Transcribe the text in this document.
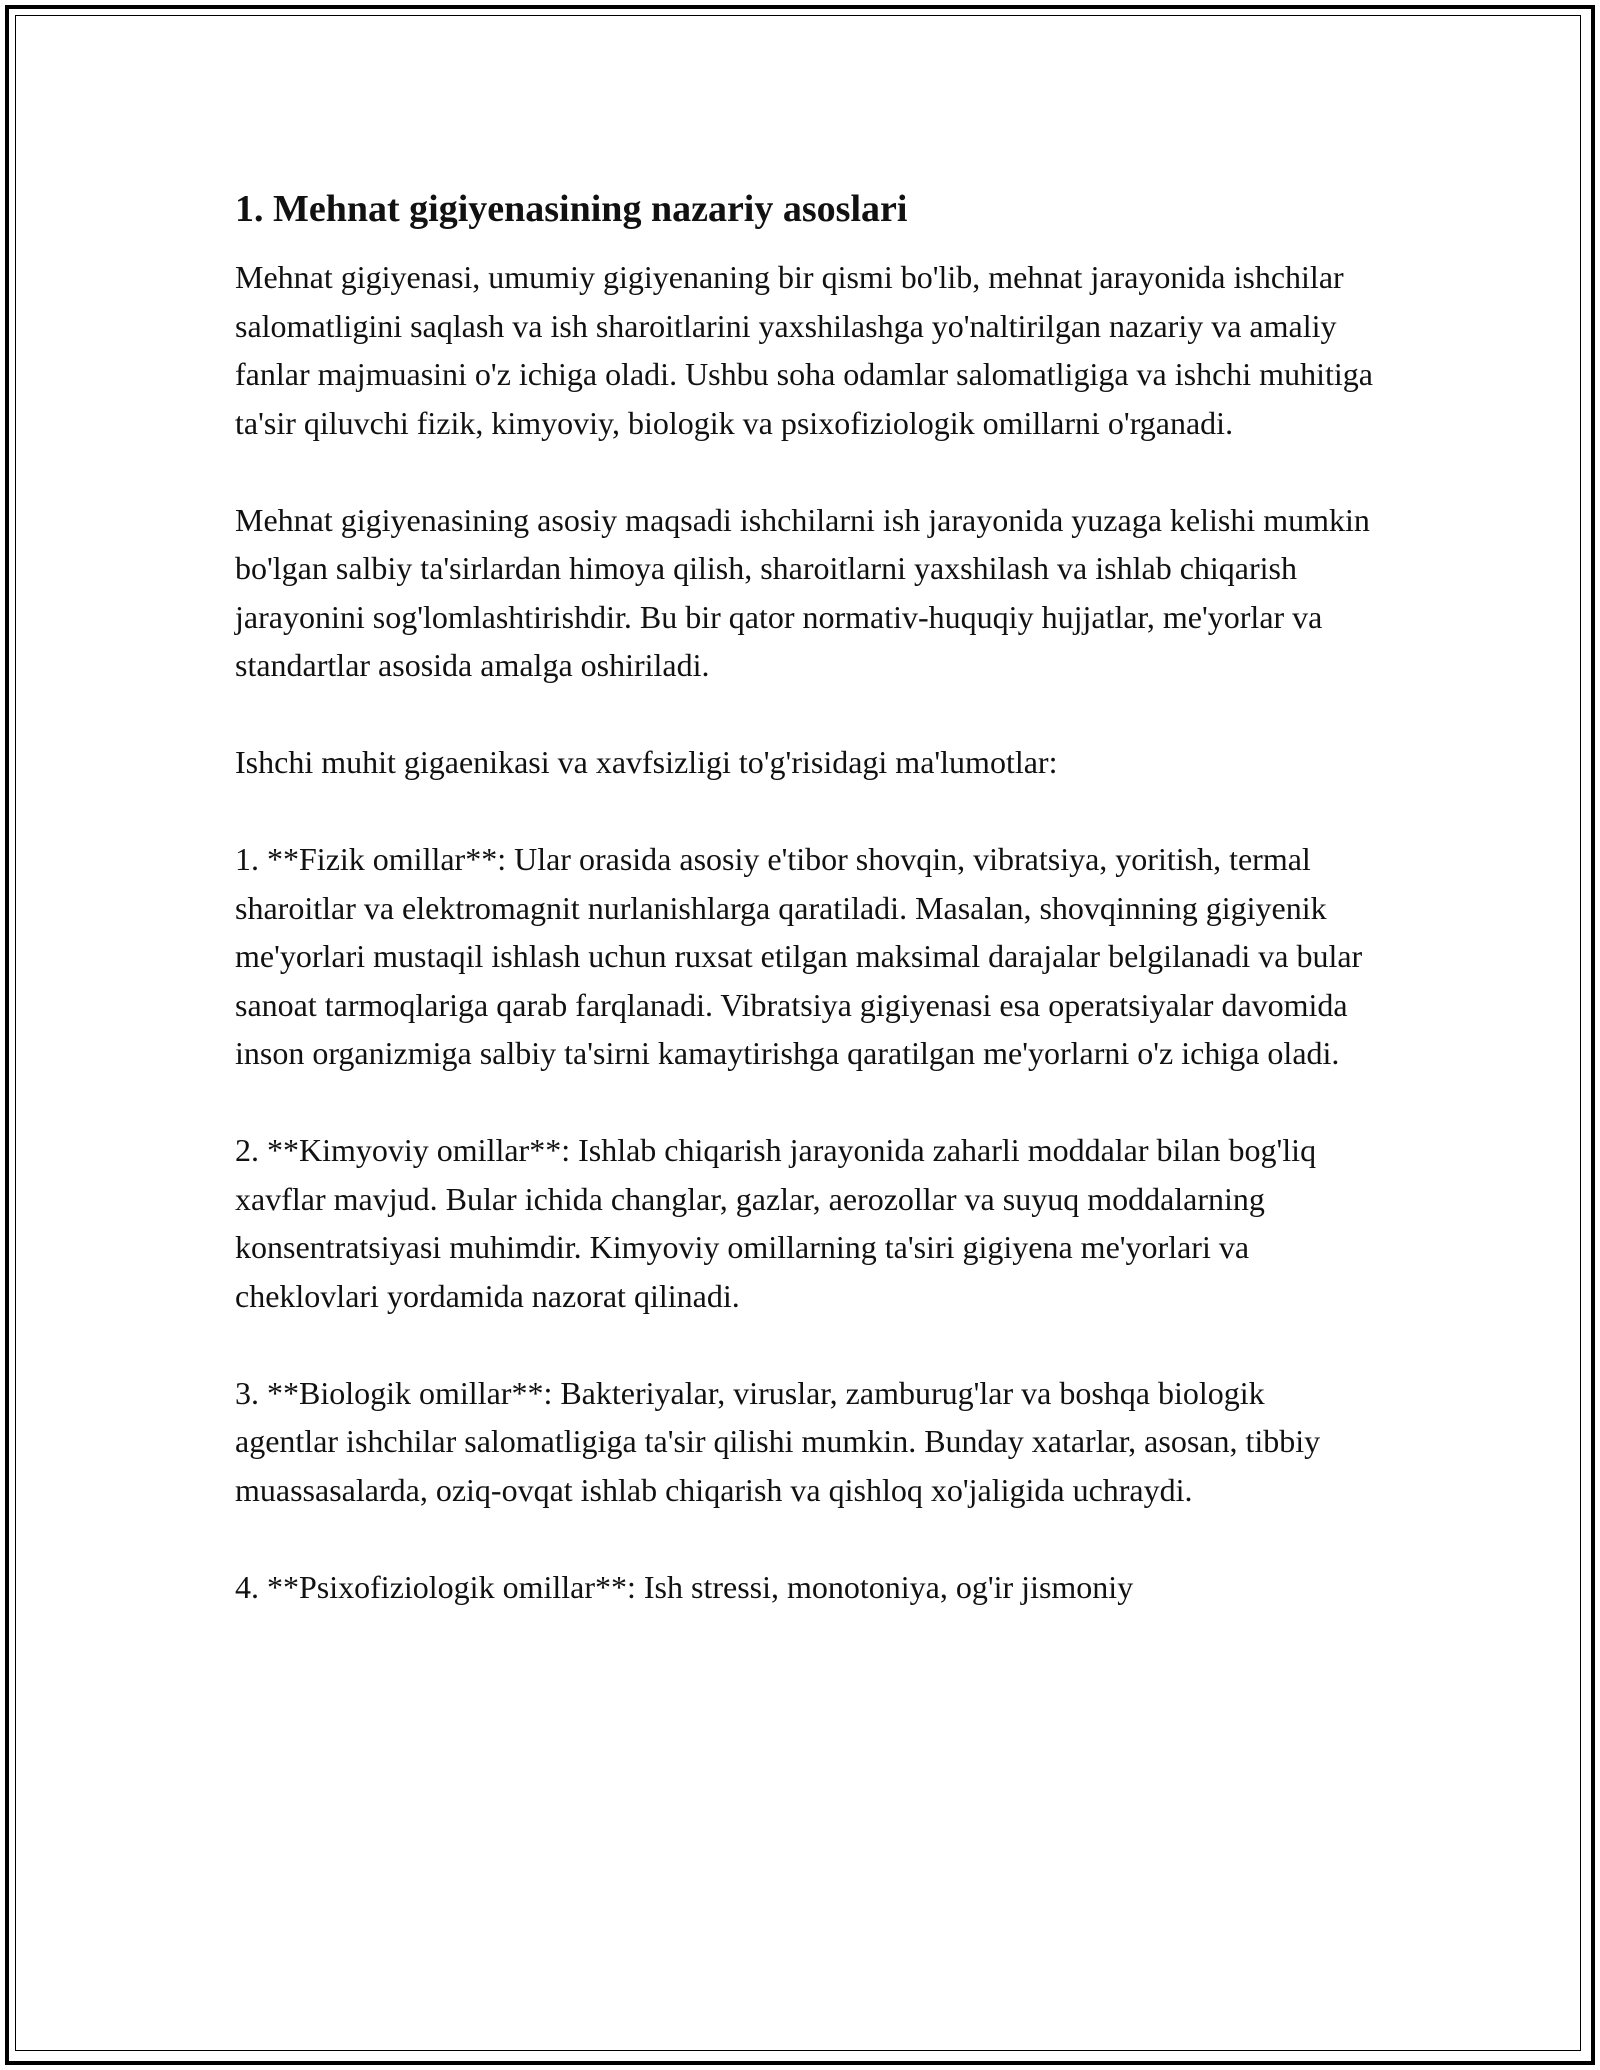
1. Mehnat gigiyenasining nazariy asoslari

Mehnat gigiyenasi, umumiy gigiyenaning bir qismi bo'lib, mehnat jarayonida ishchilar salomatligini saqlash va ish sharoitlarini yaxshilashga yo'naltirilgan nazariy va amaliy fanlar majmuasini o'z ichiga oladi. Ushbu soha odamlar salomatligiga va ishchi muhitiga ta'sir qiluvchi fizik, kimyoviy, biologik va psixofiziologik omillarni o'rganadi.

Mehnat gigiyenasining asosiy maqsadi ishchilarni ish jarayonida yuzaga kelishi mumkin bo'lgan salbiy ta'sirlardan himoya qilish, sharoitlarni yaxshilash va ishlab chiqarish jarayonini sog'lomlashtirishdir. Bu bir qator normativ-huquqiy hujjatlar, me'yorlar va standartlar asosida amalga oshiriladi.

Ishchi muhit gigaenikasi va xavfsizligi to'g'risidagi ma'lumotlar:

1. **Fizik omillar**: Ular orasida asosiy e'tibor shovqin, vibratsiya, yoritish, termal sharoitlar va elektromagnit nurlanishlarga qaratiladi. Masalan, shovqinning gigiyenik me'yorlari mustaqil ishlash uchun ruxsat etilgan maksimal darajalar belgilanadi va bular sanoat tarmoqlariga qarab farqlanadi. Vibratsiya gigiyenasi esa operatsiyalar davomida inson organizmiga salbiy ta'sirni kamaytirishga qaratilgan me'yorlarni o'z ichiga oladi.

2. **Kimyoviy omillar**: Ishlab chiqarish jarayonida zaharli moddalar bilan bog'liq xavflar mavjud. Bular ichida changlar, gazlar, aerozollar va suyuq moddalarning konsentratsiyasi muhimdir. Kimyoviy omillarning ta'siri gigiyena me'yorlari va cheklovlari yordamida nazorat qilinadi.

3. **Biologik omillar**: Bakteriyalar, viruslar, zamburug'lar va boshqa biologik agentlar ishchilar salomatligiga ta'sir qilishi mumkin. Bunday xatarlar, asosan, tibbiy muassasalarda, oziq-ovqat ishlab chiqarish va qishloq xo'jaligida uchraydi.

4. **Psixofiziologik omillar**: Ish stressi, monotoniya, og'ir jismoniy
